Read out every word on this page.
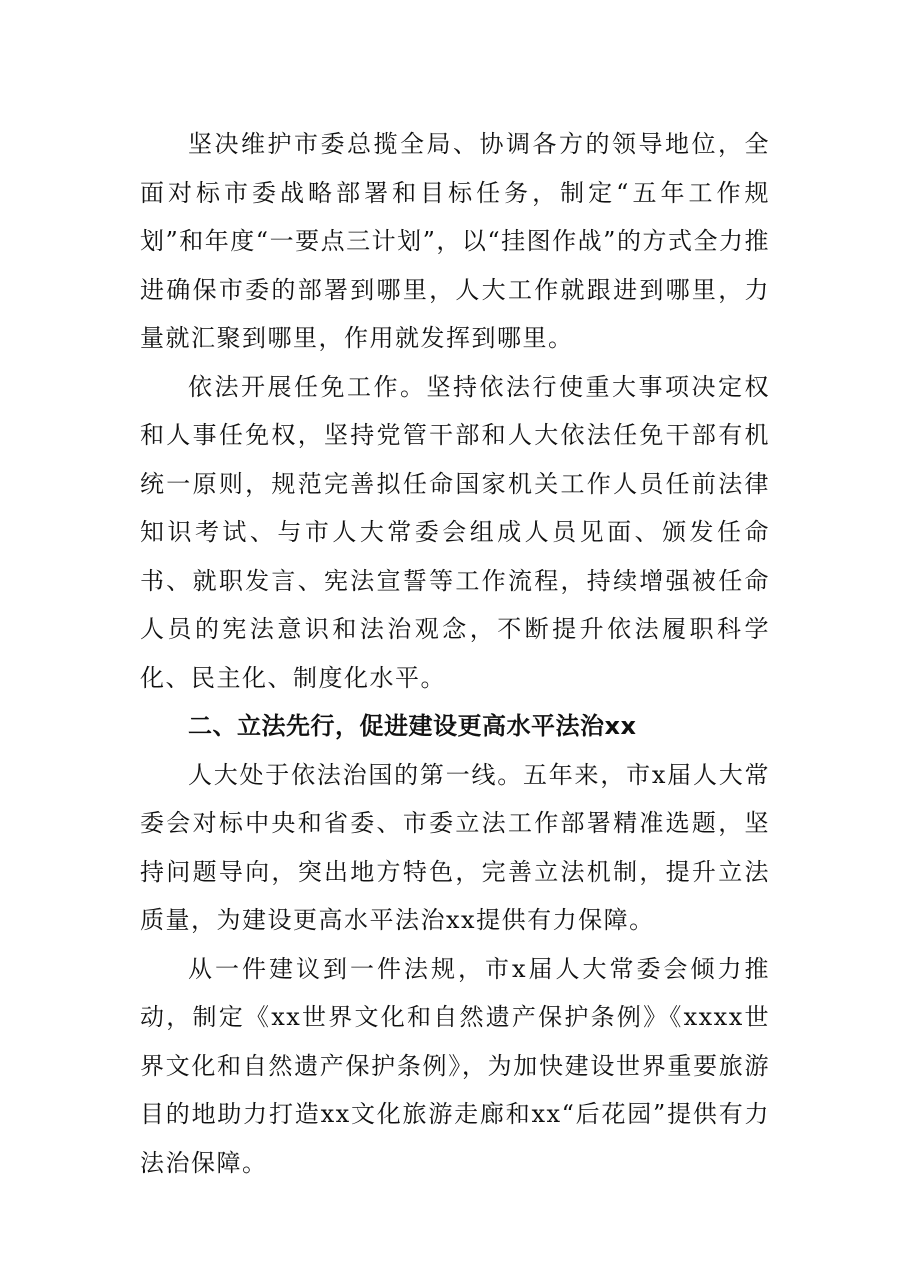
坚决维护市委总揽全局、协调各方的领导地位，全面对标市委战略部署和目标任务，制定“五年工作规划”和年度“一要点三计划”，以“挂图作战”的方式全力推进确保市委的部署到哪里，人大工作就跟进到哪里，力量就汇聚到哪里，作用就发挥到哪里。

依法开展任免工作。坚持依法行使重大事项决定权和人事任免权，坚持党管干部和人大依法任免干部有机统一原则，规范完善拟任命国家机关工作人员任前法律知识考试、与市人大常委会组成人员见面、颁发任命书、就职发言、宪法宣誓等工作流程，持续增强被任命人员的宪法意识和法治观念，不断提升依法履职科学化、民主化、制度化水平。

二、立法先行，促进建设更高水平法治xx

人大处于依法治国的第一线。五年来，市x届人大常委会对标中央和省委、市委立法工作部署精准选题，坚持问题导向，突出地方特色，完善立法机制，提升立法质量，为建设更高水平法治xx提供有力保障。

从一件建议到一件法规，市x届人大常委会倾力推动，制定《xx世界文化和自然遗产保护条例》《xxxx世界文化和自然遗产保护条例》，为加快建设世界重要旅游目的地助力打造xx文化旅游走廊和xx“后花园”提供有力法治保障。
